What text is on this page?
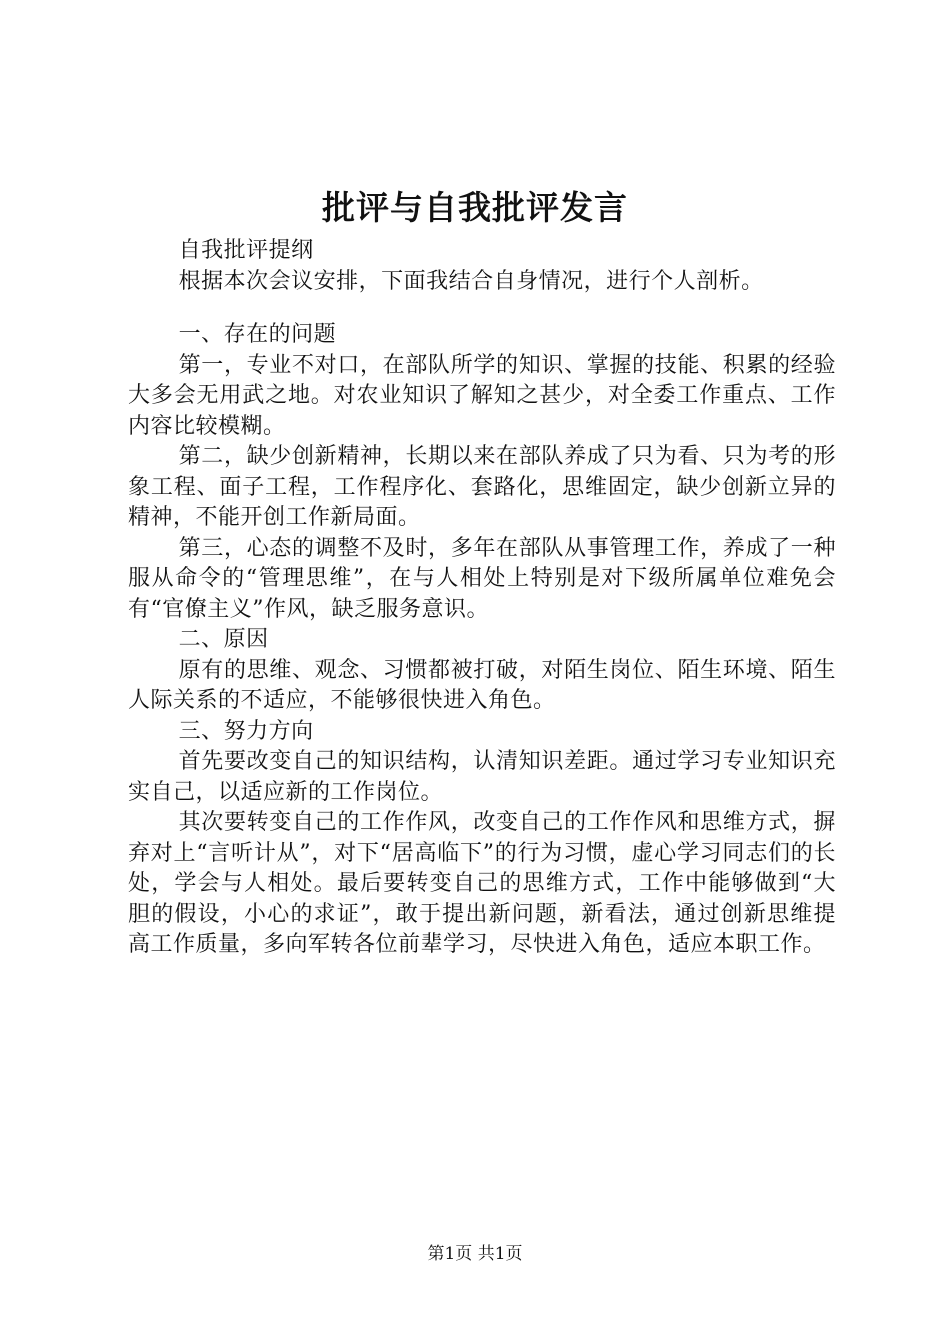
批评与自我批评发言

自我批评提纲

根据本次会议安排，下面我结合自身情况，进行个人剖析。

一、存在的问题

第一，专业不对口，在部队所学的知识、掌握的技能、积累的经验大多会无用武之地。对农业知识了解知之甚少，对全委工作重点、工作内容比较模糊。

第二，缺少创新精神，长期以来在部队养成了只为看、只为考的形象工程、面子工程，工作程序化、套路化，思维固定，缺少创新立异的精神，不能开创工作新局面。

第三，心态的调整不及时，多年在部队从事管理工作，养成了一种服从命令的“管理思维”，在与人相处上特别是对下级所属单位难免会有“官僚主义”作风，缺乏服务意识。

二、原因

原有的思维、观念、习惯都被打破，对陌生岗位、陌生环境、陌生人际关系的不适应，不能够很快进入角色。

三、努力方向

首先要改变自己的知识结构，认清知识差距。通过学习专业知识充实自己，以适应新的工作岗位。

其次要转变自己的工作作风，改变自己的工作作风和思维方式，摒弃对上“言听计从”，对下“居高临下”的行为习惯，虚心学习同志们的长处，学会与人相处。最后要转变自己的思维方式，工作中能够做到“大胆的假设，小心的求证”，敢于提出新问题，新看法，通过创新思维提高工作质量，多向军转各位前辈学习，尽快进入角色，适应本职工作。

第1页 共1页
